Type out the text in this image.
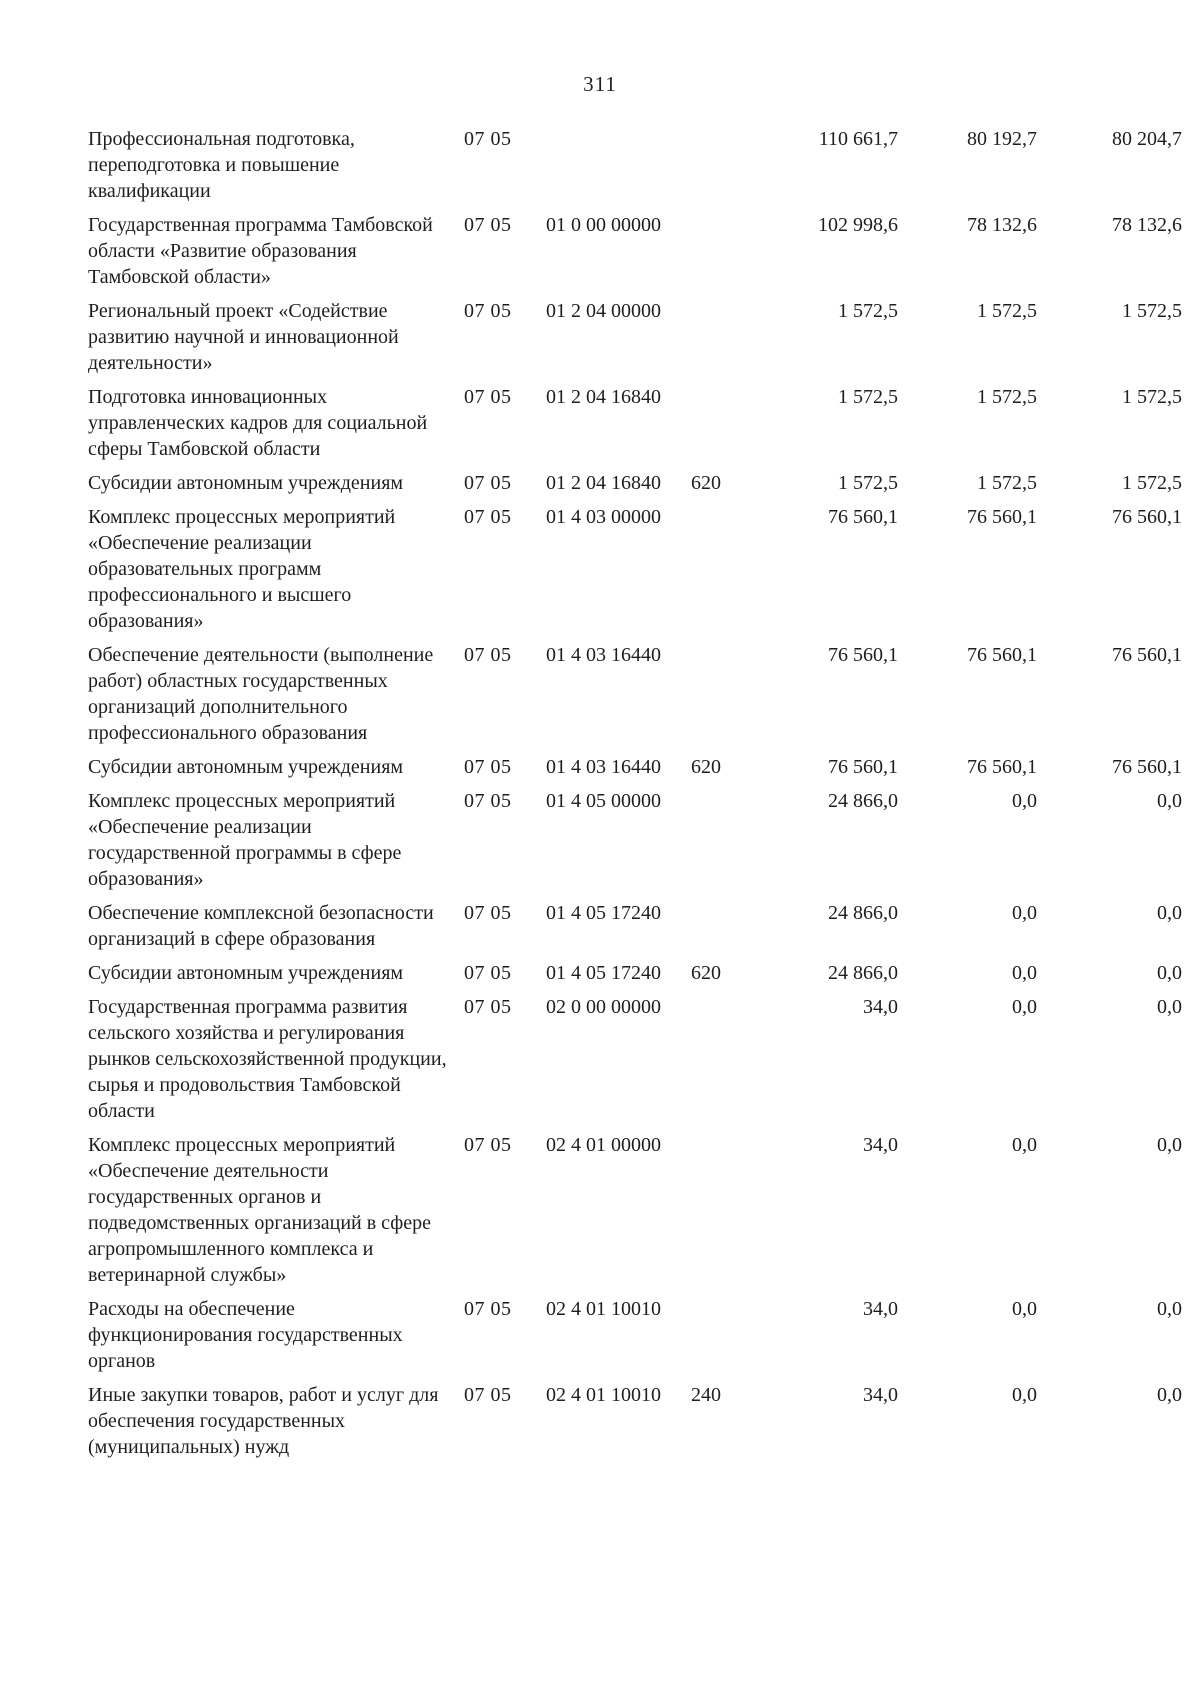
311
Профессиональная подготовка, переподготовка и повышение квалификации	07 05			110 661,7	80 192,7	80 204,7
Государственная программа Тамбовской области «Развитие образования Тамбовской области»	07 05	01 0 00 00000		102 998,6	78 132,6	78 132,6
Региональный проект «Содействие развитию научной и инновационной деятельности»	07 05	01 2 04 00000		1 572,5	1 572,5	1 572,5
Подготовка инновационных управленческих кадров для социальной сферы Тамбовской области	07 05	01 2 04 16840		1 572,5	1 572,5	1 572,5
Субсидии автономным учреждениям	07 05	01 2 04 16840	620	1 572,5	1 572,5	1 572,5
Комплекс процессных мероприятий «Обеспечение реализации образовательных программ профессионального и высшего образования»	07 05	01 4 03 00000		76 560,1	76 560,1	76 560,1
Обеспечение деятельности (выполнение работ) областных государственных организаций дополнительного профессионального образования	07 05	01 4 03 16440		76 560,1	76 560,1	76 560,1
Субсидии автономным учреждениям	07 05	01 4 03 16440	620	76 560,1	76 560,1	76 560,1
Комплекс процессных мероприятий «Обеспечение реализации государственной программы в сфере образования»	07 05	01 4 05 00000		24 866,0	0,0	0,0
Обеспечение комплексной безопасности организаций в сфере образования	07 05	01 4 05 17240		24 866,0	0,0	0,0
Субсидии автономным учреждениям	07 05	01 4 05 17240	620	24 866,0	0,0	0,0
Государственная программа развития сельского хозяйства и регулирования рынков сельскохозяйственной продукции, сырья и продовольствия Тамбовской области	07 05	02 0 00 00000		34,0	0,0	0,0
Комплекс процессных мероприятий «Обеспечение деятельности государственных органов и подведомственных организаций в сфере агропромышленного комплекса и ветеринарной службы»	07 05	02 4 01 00000		34,0	0,0	0,0
Расходы на обеспечение функционирования государственных органов	07 05	02 4 01 10010		34,0	0,0	0,0
Иные закупки товаров, работ и услуг для обеспечения государственных (муниципальных) нужд	07 05	02 4 01 10010	240	34,0	0,0	0,0
